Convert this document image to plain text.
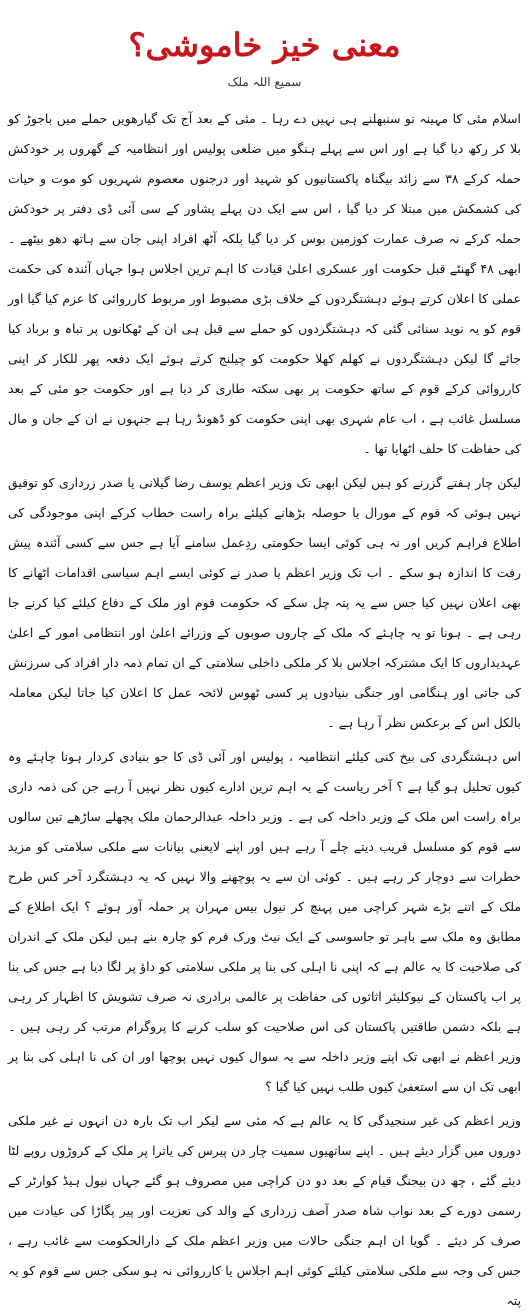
معنی خیز خاموشی؟
سمیع اللہ ملک

اسلام مئی کا مہینہ تو سنبھلنے ہی نہیں دے رہا ۔ مئی کے بعد آج تک گیارھویں حملے میں باجوڑ کو بلا کر رکھ دیا گیا ہے اور اس سے پہلے ہنگو میں ضلعی پولیس اور انتظامیہ کے گھروں پر خودکش حملہ کرکے ۳۸ سے زائد بیگناہ پاکستانیوں کو شہید اور درجنوں معصوم شہریوں کو موت و حیات کی کشمکش میں مبتلا کر دیا گیا ، اس سے ایک دن پہلے پشاور کے سی آئی ڈی دفتر پر خودکش حملہ کرکے نہ صرف عمارت کوزمین بوس کر دیا گیا بلکہ آٹھ افراد اپنی جان سے ہاتھ دھو بیٹھے ۔ ابھی ۴۸ گھنٹے قبل حکومت اور عسکری اعلیٰ قیادت کا اہم ترین اجلاس ہوا جہاں آئندہ کی حکمت عملی کا اعلان کرتے ہوئے دہشتگردوں کے خلاف بڑی مضبوط اور مربوط کارروائی کا عزم کیا گیا اور قوم کو یہ نوید سنائی گئی کہ دہشتگردوں کو حملے سے قبل ہی ان کے ٹھکانوں پر تباہ و برباد کیا جائے گا لیکن دہشتگردوں نے کھلم کھلا حکومت کو چیلنج کرتے ہوئے ایک دفعہ پھر للکار کر اپنی کارروائی کرکے قوم کے ساتھ حکومت پر بھی سکتہ طاری کر دیا ہے اور حکومت جو مئی کے بعد مسلسل غائب ہے ، اب عام شہری بھی اپنی حکومت کو ڈھونڈ رہا ہے جنہوں نے ان کے جان و مال کی حفاظت کا حلف اٹھایا تھا ۔

لیکن چار ہفتے گزرنے کو ہیں لیکن ابھی تک وزیر اعظم یوسف رضا گیلانی یا صدر زرداری کو توفیق نہیں ہوئی کہ قوم کے مورال یا حوصلہ بڑھانے کیلئے براہ راست خطاب کرکے اپنی موجودگی کی اطلاع فراہم کریں اور نہ ہی کوئی ایسا حکومتی ردِعمل سامنے آیا ہے جس سے کسی آئندہ پیش رفت کا اندازہ ہو سکے ۔ اب تک وزیر اعظم یا صدر نے کوئی ایسے اہم سیاسی اقدامات اٹھانے کا بھی اعلان نہیں کیا جس سے یہ پتہ چل سکے کہ حکومت قوم اور ملک کے دفاع کیلئے کیا کرنے جا رہی ہے ۔ ہونا تو یہ چاہئے کہ ملک کے چاروں صوبوں کے وزرائے اعلیٰ اور انتظامی امور کے اعلیٰ عہدیداروں کا ایک مشترکہ اجلاس بلا کر ملکی داخلی سلامتی کے ان تمام ذمہ دار افراد کی سرزنش کی جاتی اور ہنگامی اور جنگی بنیادوں پر کسی ٹھوس لائحہ عمل کا اعلان کیا جاتا لیکن معاملہ بالکل اس کے برعکس نظر آ رہا ہے ۔

اس دہشتگردی کی بیخ کنی کیلئے انتظامیہ ، پولیس اور آئی ڈی کا جو بنیادی کردار ہونا چاہئے وہ کیوں تحلیل ہو گیا ہے ؟ آخر ریاست کے یہ اہم ترین ادارے کیوں نظر نہیں آ رہے جن کی ذمہ داری براہ راست اس ملک کے وزیر داخلہ کی ہے ۔ وزیر داخلہ عبدالرحمان ملک پچھلے ساڑھے تین سالوں سے قوم کو مسلسل فریب دیتے چلے آ رہے ہیں اور اپنے لایعنی بیانات سے ملکی سلامتی کو مزید خطرات سے دوچار کر رہے ہیں ۔ کوئی ان سے یہ پوچھنے والا نہیں کہ یہ دہشتگرد آخر کس طرح ملک کے اتنے بڑے شہر کراچی میں پہنچ کر نیول بیس مہران پر حملہ آور ہوئے ؟ ایک اطلاع کے مطابق وہ ملک سے باہر تو جاسوسی کے ایک نیٹ ورک فرم کو چارہ بنے ہیں لیکن ملک کے اندران کی صلاحیت کا یہ عالم ہے کہ اپنی نا اہلی کی بنا پر ملکی سلامتی کو داؤ پر لگا دیا ہے جس کی بنا پر اب پاکستان کے نیوکلیئر اثاثوں کی حفاظت پر عالمی برادری نہ صرف تشویش کا اظہار کر رہی ہے بلکہ دشمن طاقتیں پاکستان کی اس صلاحیت کو سلب کرنے کا پروگرام مرتب کر رہی ہیں ۔ وزیر اعظم نے ابھی تک اپنے وزیر داخلہ سے یہ سوال کیوں نہیں پوچھا اور ان کی نا اہلی کی بنا پر ابھی تک ان سے استعفیٰ کیوں طلب نہیں کیا گیا ؟

وزیر اعظم کی غیر سنجیدگی کا یہ عالم ہے کہ مئی سے لیکر اب تک بارہ دن انہوں نے غیر ملکی دوروں میں گزار دیئے ہیں ۔ اپنے ساتھیوں سمیت چار دن پیرس کی یاترا پر ملک کے کروڑوں روپے لٹا دیئے گئے ، چھ دن بیجنگ قیام کے بعد دو دن کراچی میں مصروف ہو گئے جہاں نیول ہیڈ کوارٹر کے رسمی دورے کے بعد نواب شاہ صدر آصف زرداری کے والد کی تعزیت اور پیر پگاڑا کی عیادت میں صرف کر دیئے ۔ گویا ان اہم جنگی حالات میں وزیر اعظم ملک کے دارالحکومت سے غائب رہے ، جس کی وجہ سے ملکی سلامتی کیلئے کوئی اہم اجلاس یا کارروائی نہ ہو سکی جس سے قوم کو یہ پتہ
